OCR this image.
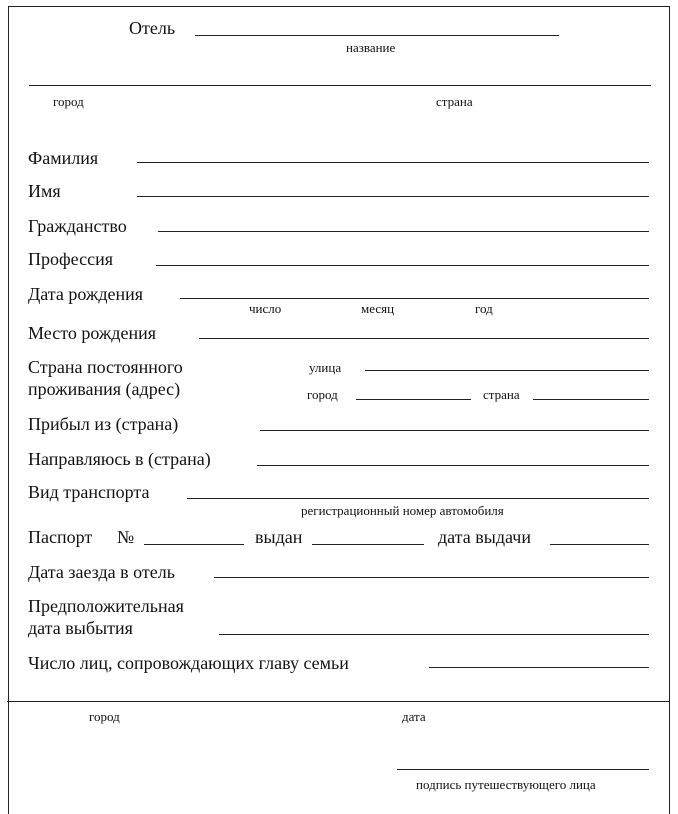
Отель
название
город	страна
Фамилия
Имя
Гражданство
Профессия
Дата рождения
число	месяц	год
Место рождения
Страна постоянного
проживания (адрес)
улица
город	страна
Прибыл из (страна)
Направляюсь в (страна)
Вид транспорта
регистрационный номер автомобиля
Паспорт №	выдан	дата выдачи
Дата заезда в отель
Предположительная
дата выбытия
Число лиц, сопровождающих главу семьи
город	дата
подпись путешествующего лица
